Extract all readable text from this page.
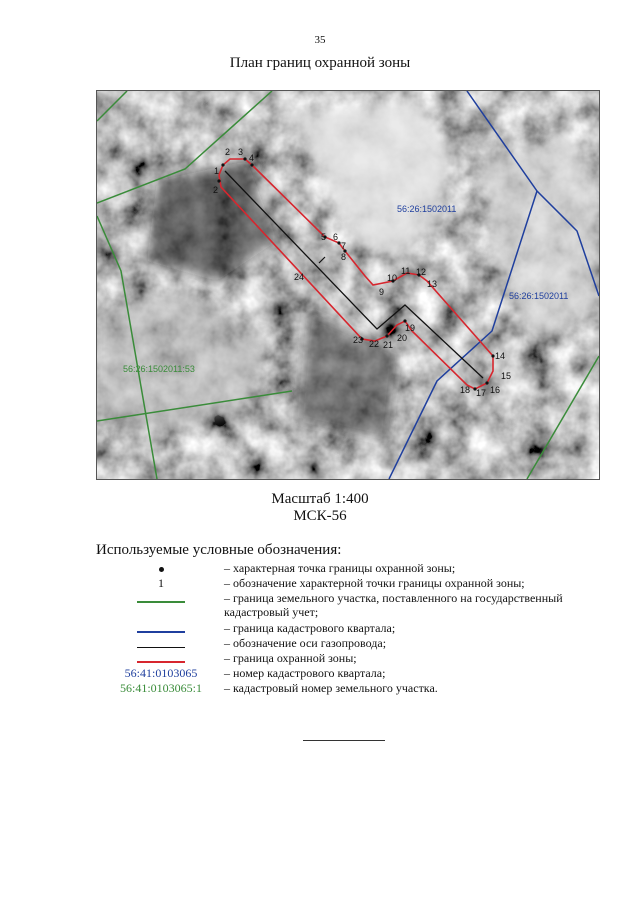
35
План границ охранной зоны
1
2 3
4
5 6
7
8
9
10
11 12
13
14
15
16
17
18
19
20
21
22
23
24
2
56:26:1502011
56:26:1502011
56:26:1502011:53
Масштаб 1:400
МСК-56
Используемые условные обозначения:
– характерная точка границы охранной зоны;
1	– обозначение характерной точки границы охранной зоны;
– граница земельного участка, поставленного на государственный кадастровый учет;
– граница кадастрового квартала;
– обозначение оси газопровода;
– граница охранной зоны;
56:41:0103065	– номер кадастрового квартала;
56:41:0103065:1	– кадастровый номер земельного участка.
